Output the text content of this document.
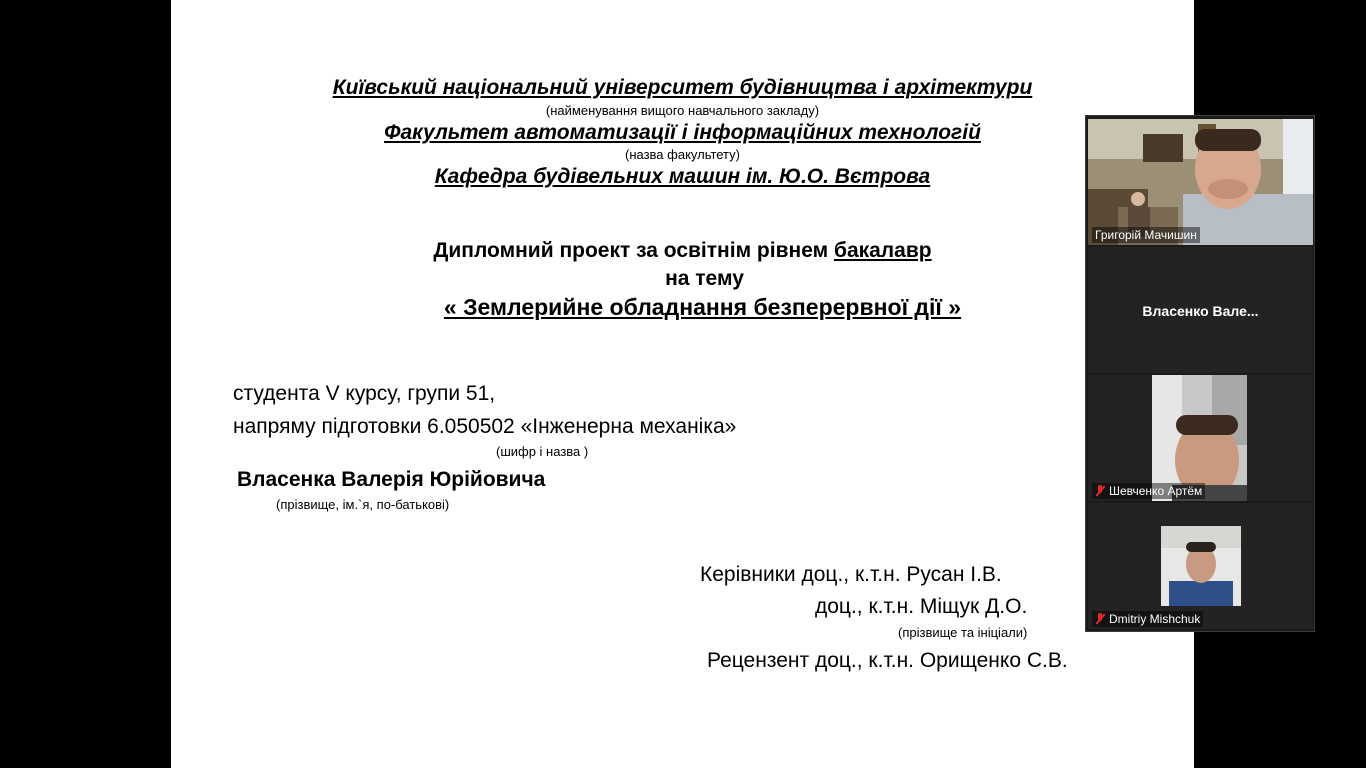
Київський національний університет будівництва і архітектури
(найменування вищого навчального закладу)
Факультет автоматизації і інформаційних технологій
(назва факультету)
Кафедра будівельних машин ім. Ю.О. Вєтрова
Дипломний проект за освітнім рівнем бакалавр
на тему
« Землерийне обладнання безперервної дії »
студента V курсу, групи 51,
напряму підготовки 6.050502 «Інженерна механіка»
(шифр і назва )
Власенка Валерія Юрійовича
(прізвище, ім.`я, по-батькові)
Керівники доц., к.т.н. Русан І.В.
доц., к.т.н. Міщук Д.О.
(прізвище та ініціали)
Рецензент доц., к.т.н. Орищенко С.В.
Григорій Мачишин
Власенко Вале...
Шевченко Артём
Dmitriy Mishchuk
